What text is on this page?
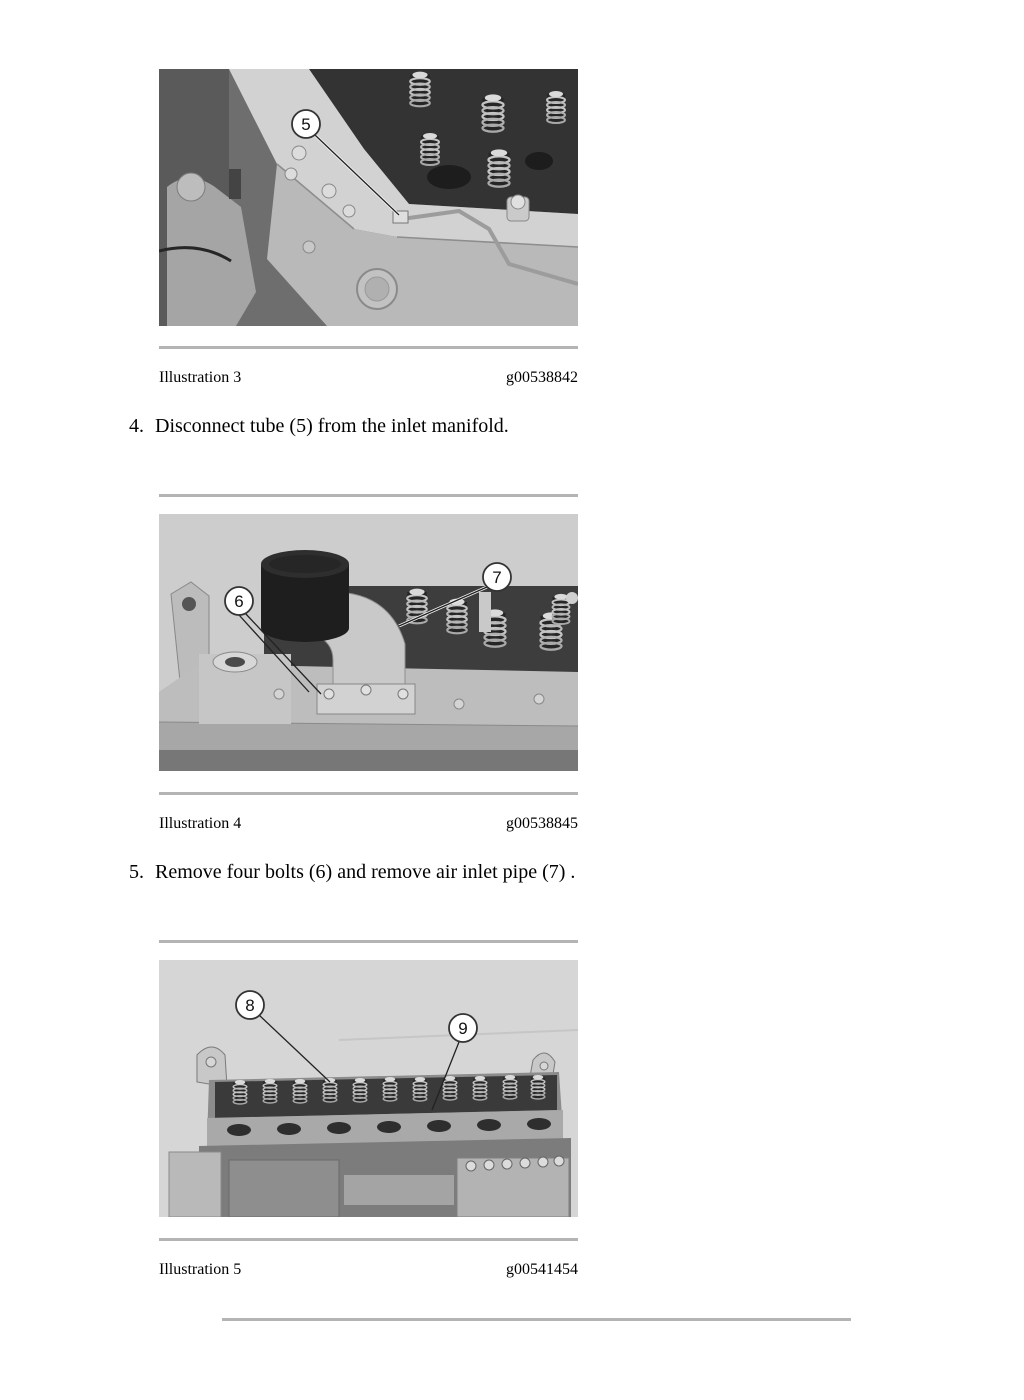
5
Illustration 3	g00538842
4. Disconnect tube (5) from the inlet manifold.
6
7
Illustration 4	g00538845
5. Remove four bolts (6) and remove air inlet pipe (7) .
8
9
Illustration 5	g00541454
